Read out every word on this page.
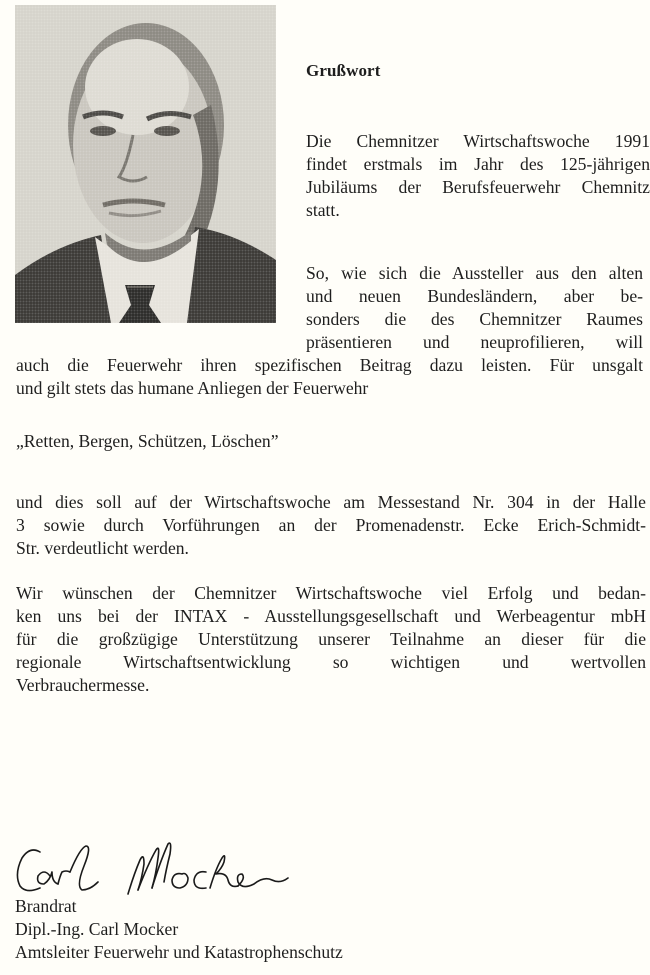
Grußwort

Die Chemnitzer Wirtschaftswoche 1991
findet erstmals im Jahr des 125-jährigen
Jubiläums der Berufsfeuerwehr Chemnitz
statt.

So, wie sich die Aussteller aus den alten
und neuen Bundesländern, aber be-
sonders die des Chemnitzer Raumes
präsentieren und neuprofilieren, will

auch die Feuerwehr ihren spezifischen Beitrag dazu leisten. Für unsgalt
und gilt stets das humane Anliegen der Feuerwehr

„Retten, Bergen, Schützen, Löschen”

und dies soll auf der Wirtschaftswoche am Messestand Nr. 304 in der Halle
3 sowie durch Vorführungen an der Promenadenstr. Ecke Erich-Schmidt-
Str. verdeutlicht werden.

Wir wünschen der Chemnitzer Wirtschaftswoche viel Erfolg und bedan-
ken uns bei der INTAX - Ausstellungsgesellschaft und Werbeagentur mbH
für die großzügige Unterstützung unserer Teilnahme an dieser für die
regionale Wirtschaftsentwicklung so wichtigen und wertvollen
Verbrauchermesse.

Brandrat
Dipl.-Ing. Carl Mocker
Amtsleiter Feuerwehr und Katastrophenschutz
